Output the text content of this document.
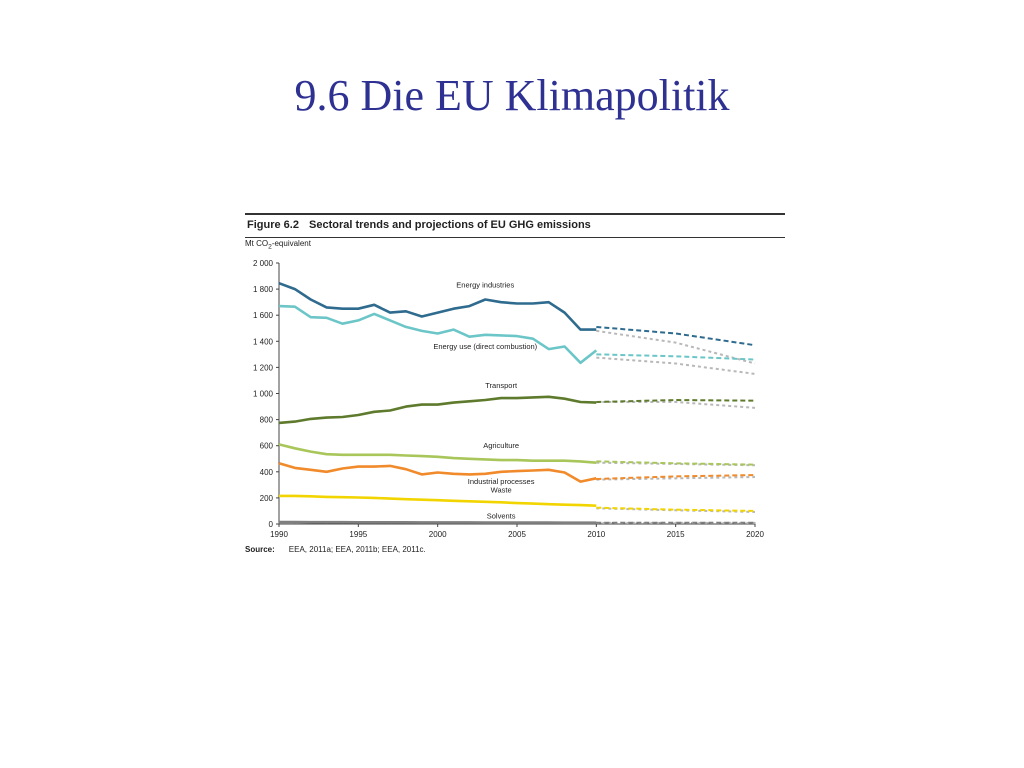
9.6 Die EU Klimapolitik
0
200
400
600
800
1 000
1 200
1 400
1 600
1 800
2 000
1990	1995	2000	2005	2010	2015	2020
Energy industries
Energy use (direct combustion)
Transport
Agriculture
Industrial processes
Waste
Solvents
Figure 6.2 Sectoral trends and projections of EU GHG emissions
Mt $CO_2$-equivalent
Source: EEA, 2011a; EEA, 2011b; EEA, 2011c.
